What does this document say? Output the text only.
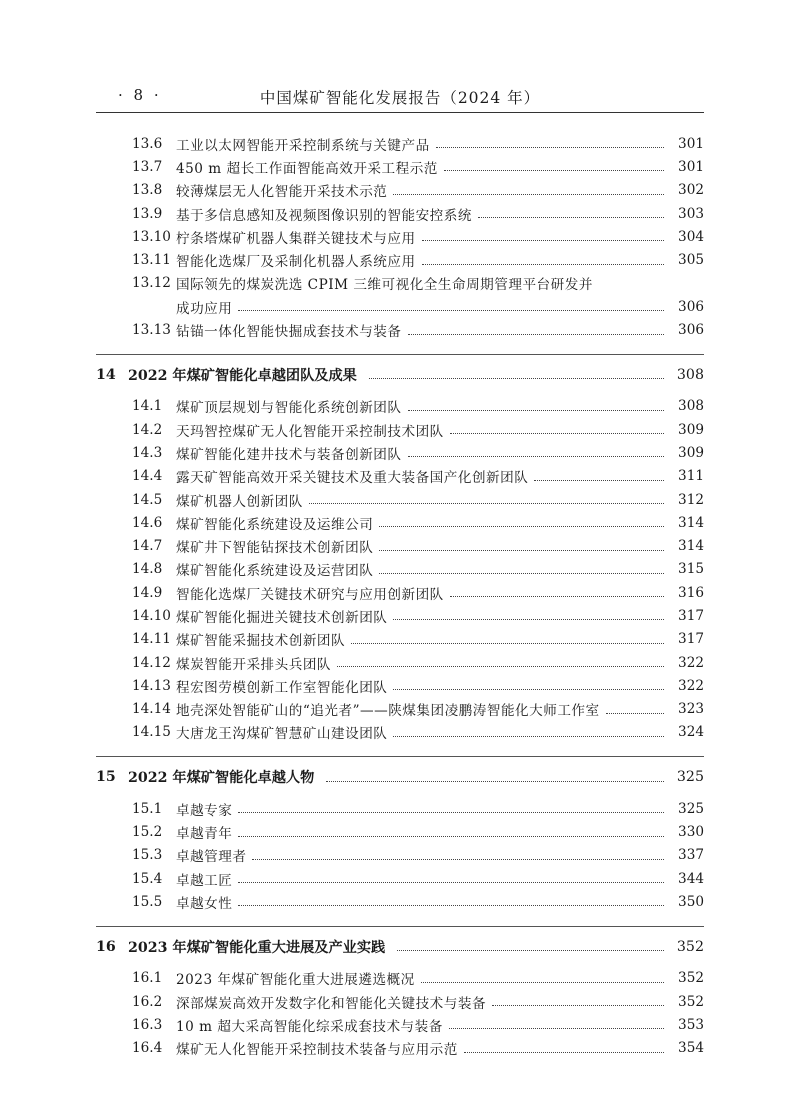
· 8 ·	中国煤矿智能化发展报告（2024 年）
13.6	工业以太网智能开采控制系统与关键产品	301
13.7	450 m 超长工作面智能高效开采工程示范	301
13.8	较薄煤层无人化智能开采技术示范	302
13.9	基于多信息感知及视频图像识别的智能安控系统	303
13.10 柠条塔煤矿机器人集群关键技术与应用	304
13.11 智能化选煤厂及采制化机器人系统应用	305
13.12 国际领先的煤炭洗选 CPIM 三维可视化全生命周期管理平台研发并
成功应用	306
13.13 钻锚一体化智能快掘成套技术与装备	306
14 2022 年煤矿智能化卓越团队及成果	308
14.1	煤矿顶层规划与智能化系统创新团队	308
14.2	天玛智控煤矿无人化智能开采控制技术团队	309
14.3	煤矿智能化建井技术与装备创新团队	309
14.4	露天矿智能高效开采关键技术及重大装备国产化创新团队	311
14.5	煤矿机器人创新团队	312
14.6	煤矿智能化系统建设及运维公司	314
14.7	煤矿井下智能钻探技术创新团队	314
14.8	煤矿智能化系统建设及运营团队	315
14.9	智能化选煤厂关键技术研究与应用创新团队	316
14.10 煤矿智能化掘进关键技术创新团队	317
14.11 煤矿智能采掘技术创新团队	317
14.12 煤炭智能开采排头兵团队	322
14.13 程宏图劳模创新工作室智能化团队	322
14.14 地壳深处智能矿山的“追光者”——陕煤集团凌鹏涛智能化大师工作室	323
14.15 大唐龙王沟煤矿智慧矿山建设团队	324
15 2022 年煤矿智能化卓越人物	325
15.1	卓越专家	325
15.2	卓越青年	330
15.3	卓越管理者	337
15.4	卓越工匠	344
15.5	卓越女性	350
16 2023 年煤矿智能化重大进展及产业实践	352
16.1	2023 年煤矿智能化重大进展遴选概况	352
16.2	深部煤炭高效开发数字化和智能化关键技术与装备	352
16.3	10 m 超大采高智能化综采成套技术与装备	353
16.4	煤矿无人化智能开采控制技术装备与应用示范	354
